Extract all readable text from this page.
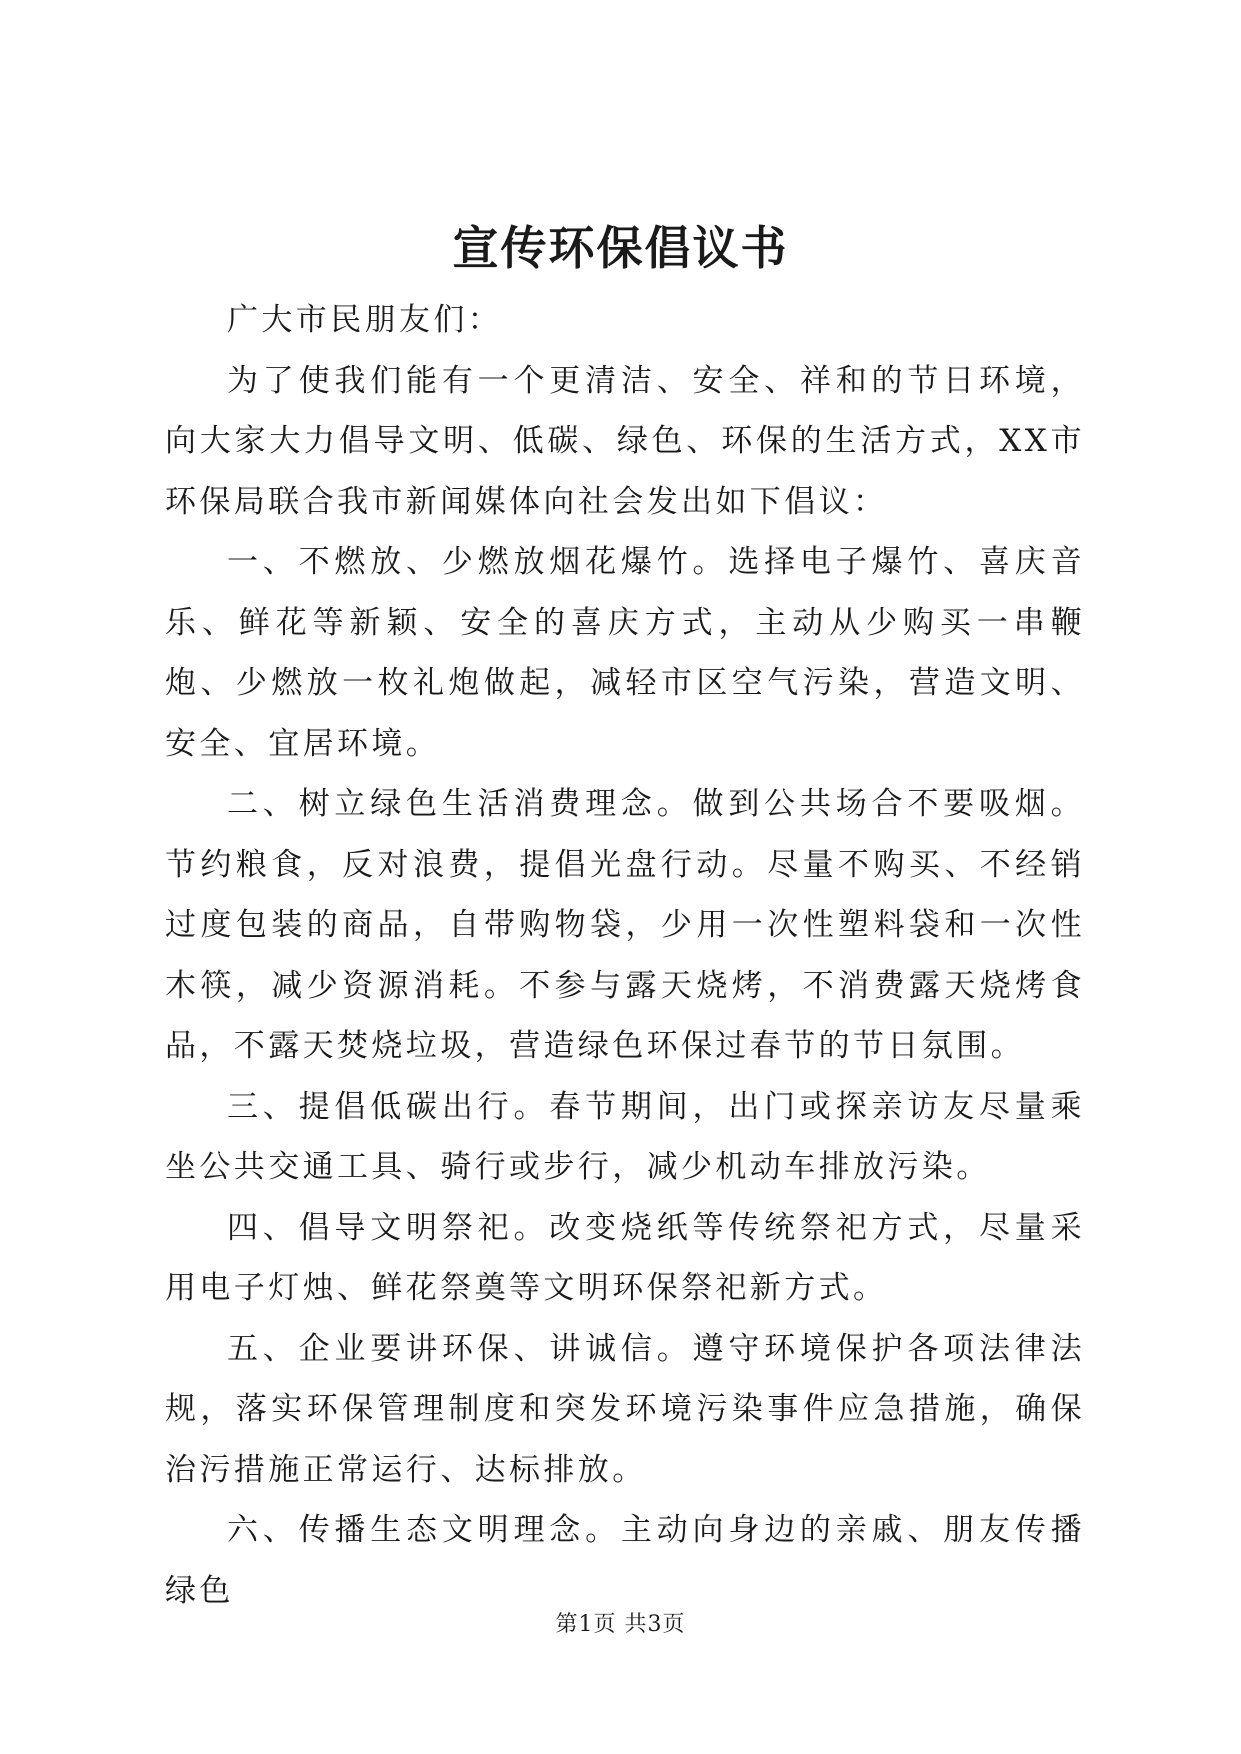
宣传环保倡议书

广大市民朋友们：

为了使我们能有一个更清洁、安全、祥和的节日环境，向大家大力倡导文明、低碳、绿色、环保的生活方式，XX市环保局联合我市新闻媒体向社会发出如下倡议：

一、不燃放、少燃放烟花爆竹。选择电子爆竹、喜庆音乐、鲜花等新颖、安全的喜庆方式，主动从少购买一串鞭炮、少燃放一枚礼炮做起，减轻市区空气污染，营造文明、安全、宜居环境。

二、树立绿色生活消费理念。做到公共场合不要吸烟。节约粮食，反对浪费，提倡光盘行动。尽量不购买、不经销过度包装的商品，自带购物袋，少用一次性塑料袋和一次性木筷，减少资源消耗。不参与露天烧烤，不消费露天烧烤食品，不露天焚烧垃圾，营造绿色环保过春节的节日氛围。

三、提倡低碳出行。春节期间，出门或探亲访友尽量乘坐公共交通工具、骑行或步行，减少机动车排放污染。

四、倡导文明祭祀。改变烧纸等传统祭祀方式，尽量采用电子灯烛、鲜花祭奠等文明环保祭祀新方式。

五、企业要讲环保、讲诚信。遵守环境保护各项法律法规，落实环保管理制度和突发环境污染事件应急措施，确保治污措施正常运行、达标排放。

六、传播生态文明理念。主动向身边的亲戚、朋友传播绿色

第1页 共3页
